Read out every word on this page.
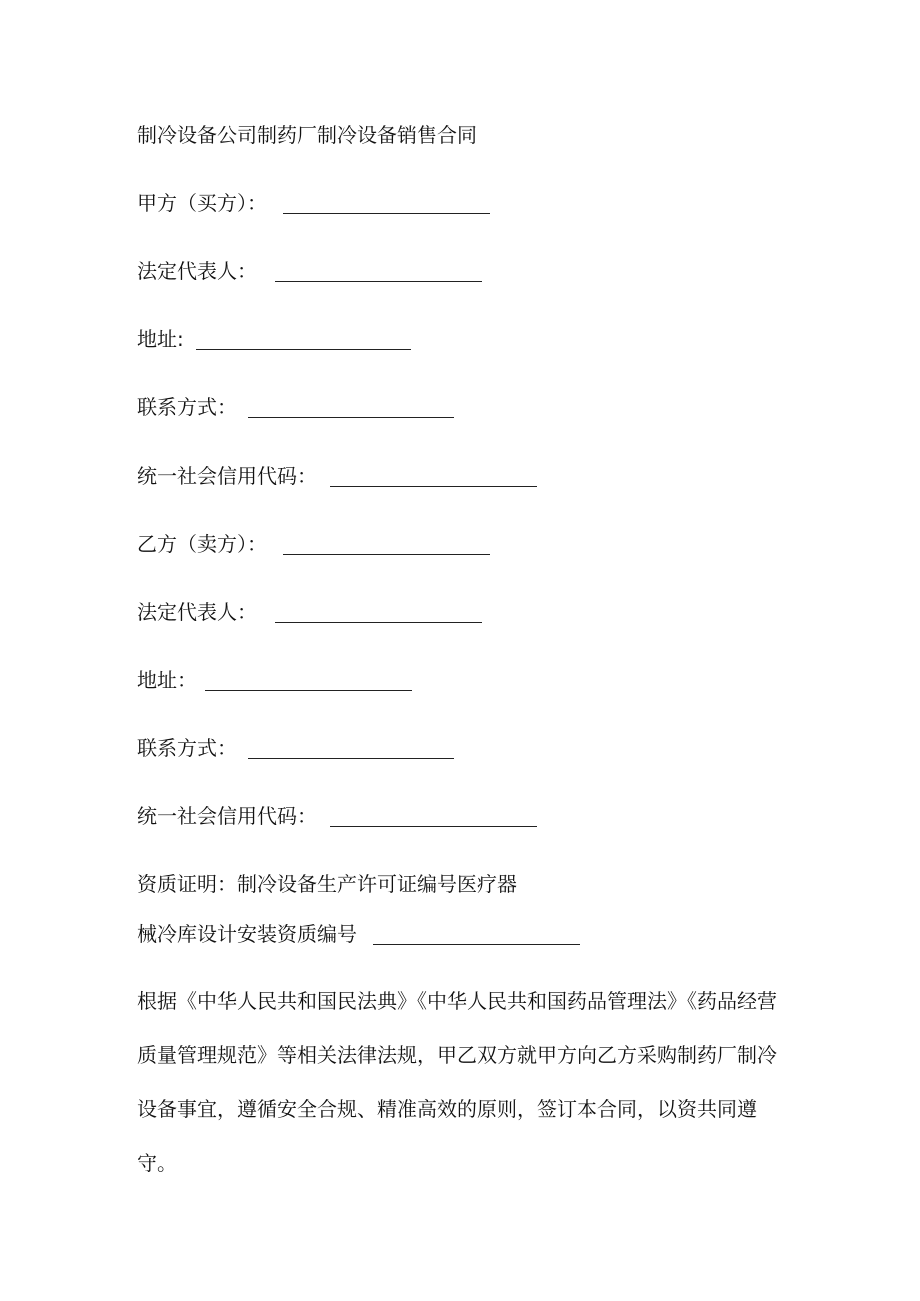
制冷设备公司制药厂制冷设备销售合同
甲方（买方）：
法定代表人：
地址:
联系方式：
统一社会信用代码：
乙方（卖方）：
法定代表人：
地址：
联系方式：
统一社会信用代码：
资质证明：制冷设备生产许可证编号医疗器
械冷库设计安装资质编号
根据《中华人民共和国民法典》《中华人民共和国药品管理法》《药品经营质量管理规范》等相关法律法规，甲乙双方就甲方向乙方采购制药厂制冷设备事宜，遵循安全合规、精准高效的原则，签订本合同，以资共同遵守。
